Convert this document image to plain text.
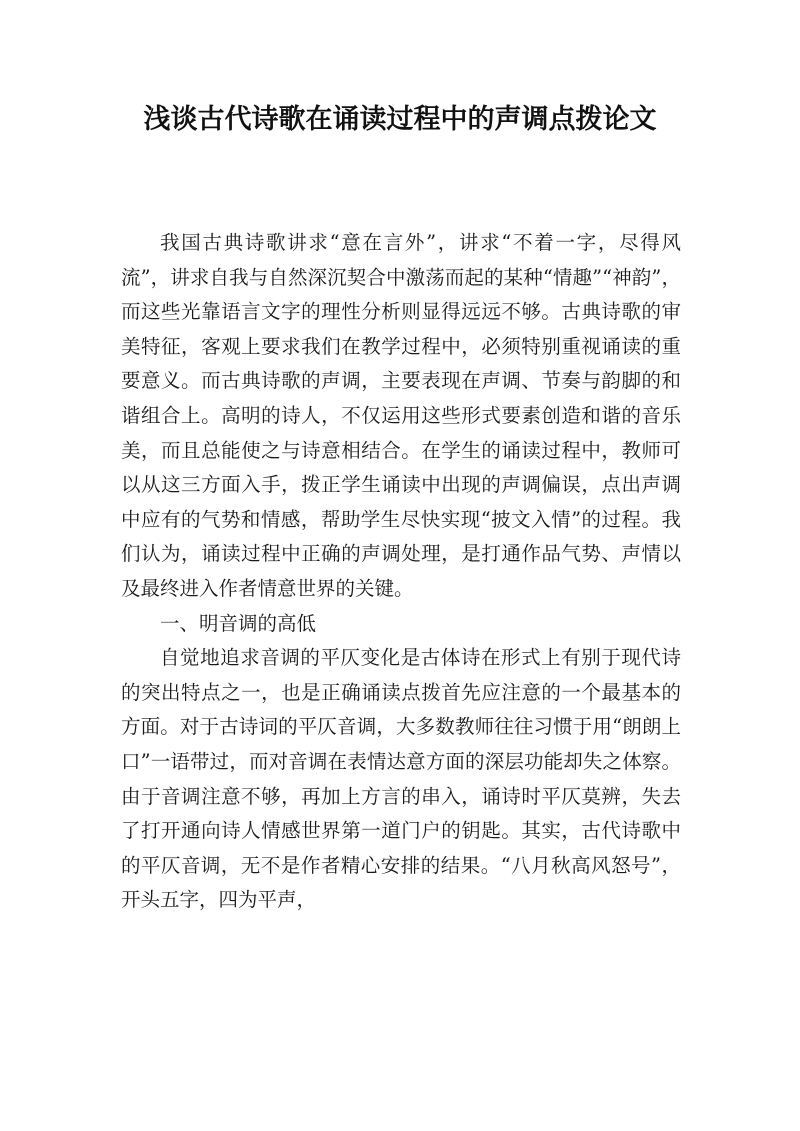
浅谈古代诗歌在诵读过程中的声调点拨论文

我国古典诗歌讲求“意在言外”，讲求“不着一字，尽得风流”，讲求自我与自然深沉契合中激荡而起的某种“情趣”“神韵”，而这些光靠语言文字的理性分析则显得远远不够。古典诗歌的审美特征，客观上要求我们在教学过程中，必须特别重视诵读的重要意义。而古典诗歌的声调，主要表现在声调、节奏与韵脚的和谐组合上。高明的诗人，不仅运用这些形式要素创造和谐的音乐美，而且总能使之与诗意相结合。在学生的诵读过程中，教师可以从这三方面入手，拨正学生诵读中出现的声调偏误，点出声调中应有的气势和情感，帮助学生尽快实现“披文入情”的过程。我们认为，诵读过程中正确的声调处理，是打通作品气势、声情以及最终进入作者情意世界的关键。

一、明音调的高低

自觉地追求音调的平仄变化是古体诗在形式上有别于现代诗的突出特点之一，也是正确诵读点拨首先应注意的一个最基本的方面。对于古诗词的平仄音调，大多数教师往往习惯于用“朗朗上口”一语带过，而对音调在表情达意方面的深层功能却失之体察。由于音调注意不够，再加上方言的串入，诵诗时平仄莫辨，失去了打开通向诗人情感世界第一道门户的钥匙。其实，古代诗歌中的平仄音调，无不是作者精心安排的结果。“八月秋高风怒号”，开头五字，四为平声，
